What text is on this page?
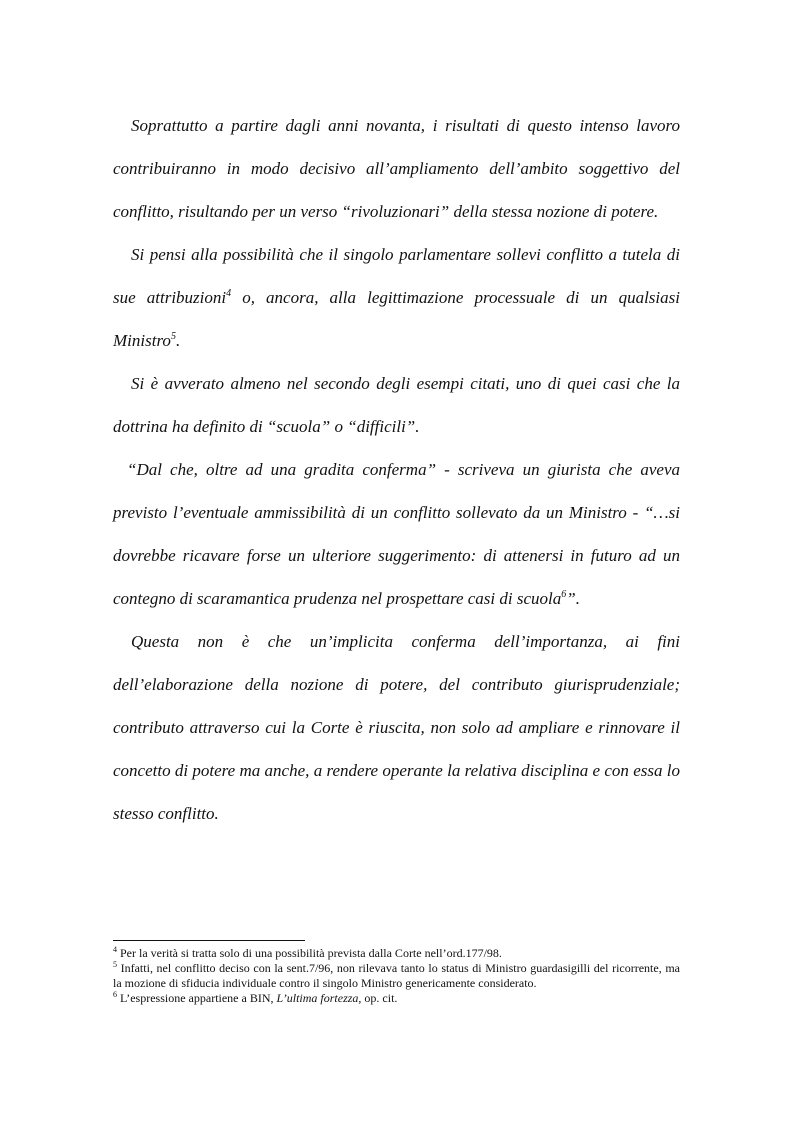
Soprattutto a partire dagli anni novanta, i risultati di questo intenso lavoro contribuiranno in modo decisivo all’ampliamento dell’ambito soggettivo del conflitto, risultando per un verso “rivoluzionari” della stessa nozione di potere.

Si pensi alla possibilità che il singolo parlamentare sollevi conflitto a tutela di sue attribuzioni$^4$ o, ancora, alla legittimazione processuale di un qualsiasi Ministro$^5$.

Si è avverato almeno nel secondo degli esempi citati, uno di quei casi che la dottrina ha definito di “scuola” o “difficili”.

“Dal che, oltre ad una gradita conferma” - scriveva un giurista che aveva previsto l’eventuale ammissibilità di un conflitto sollevato da un Ministro - “…si dovrebbe ricavare forse un ulteriore suggerimento: di attenersi in futuro ad un contegno di scaramantica prudenza nel prospettare casi di scuola$^6$”.

Questa non è che un’implicita conferma dell’importanza, ai fini dell’elaborazione della nozione di potere, del contributo giurisprudenziale; contributo attraverso cui la Corte è riuscita, non solo ad ampliare e rinnovare il concetto di potere ma anche, a rendere operante la relativa disciplina e con essa lo stesso conflitto.

$^4$ Per la verità si tratta solo di una possibilità prevista dalla Corte nell’ord.177/98.

$^5$ Infatti, nel conflitto deciso con la sent.7/96, non rilevava tanto lo status di Ministro guardasigilli del ricorrente, ma la mozione di sfiducia individuale contro il singolo Ministro genericamente considerato.

$^6$ L’espressione appartiene a BIN, L’ultima fortezza, op. cit.
